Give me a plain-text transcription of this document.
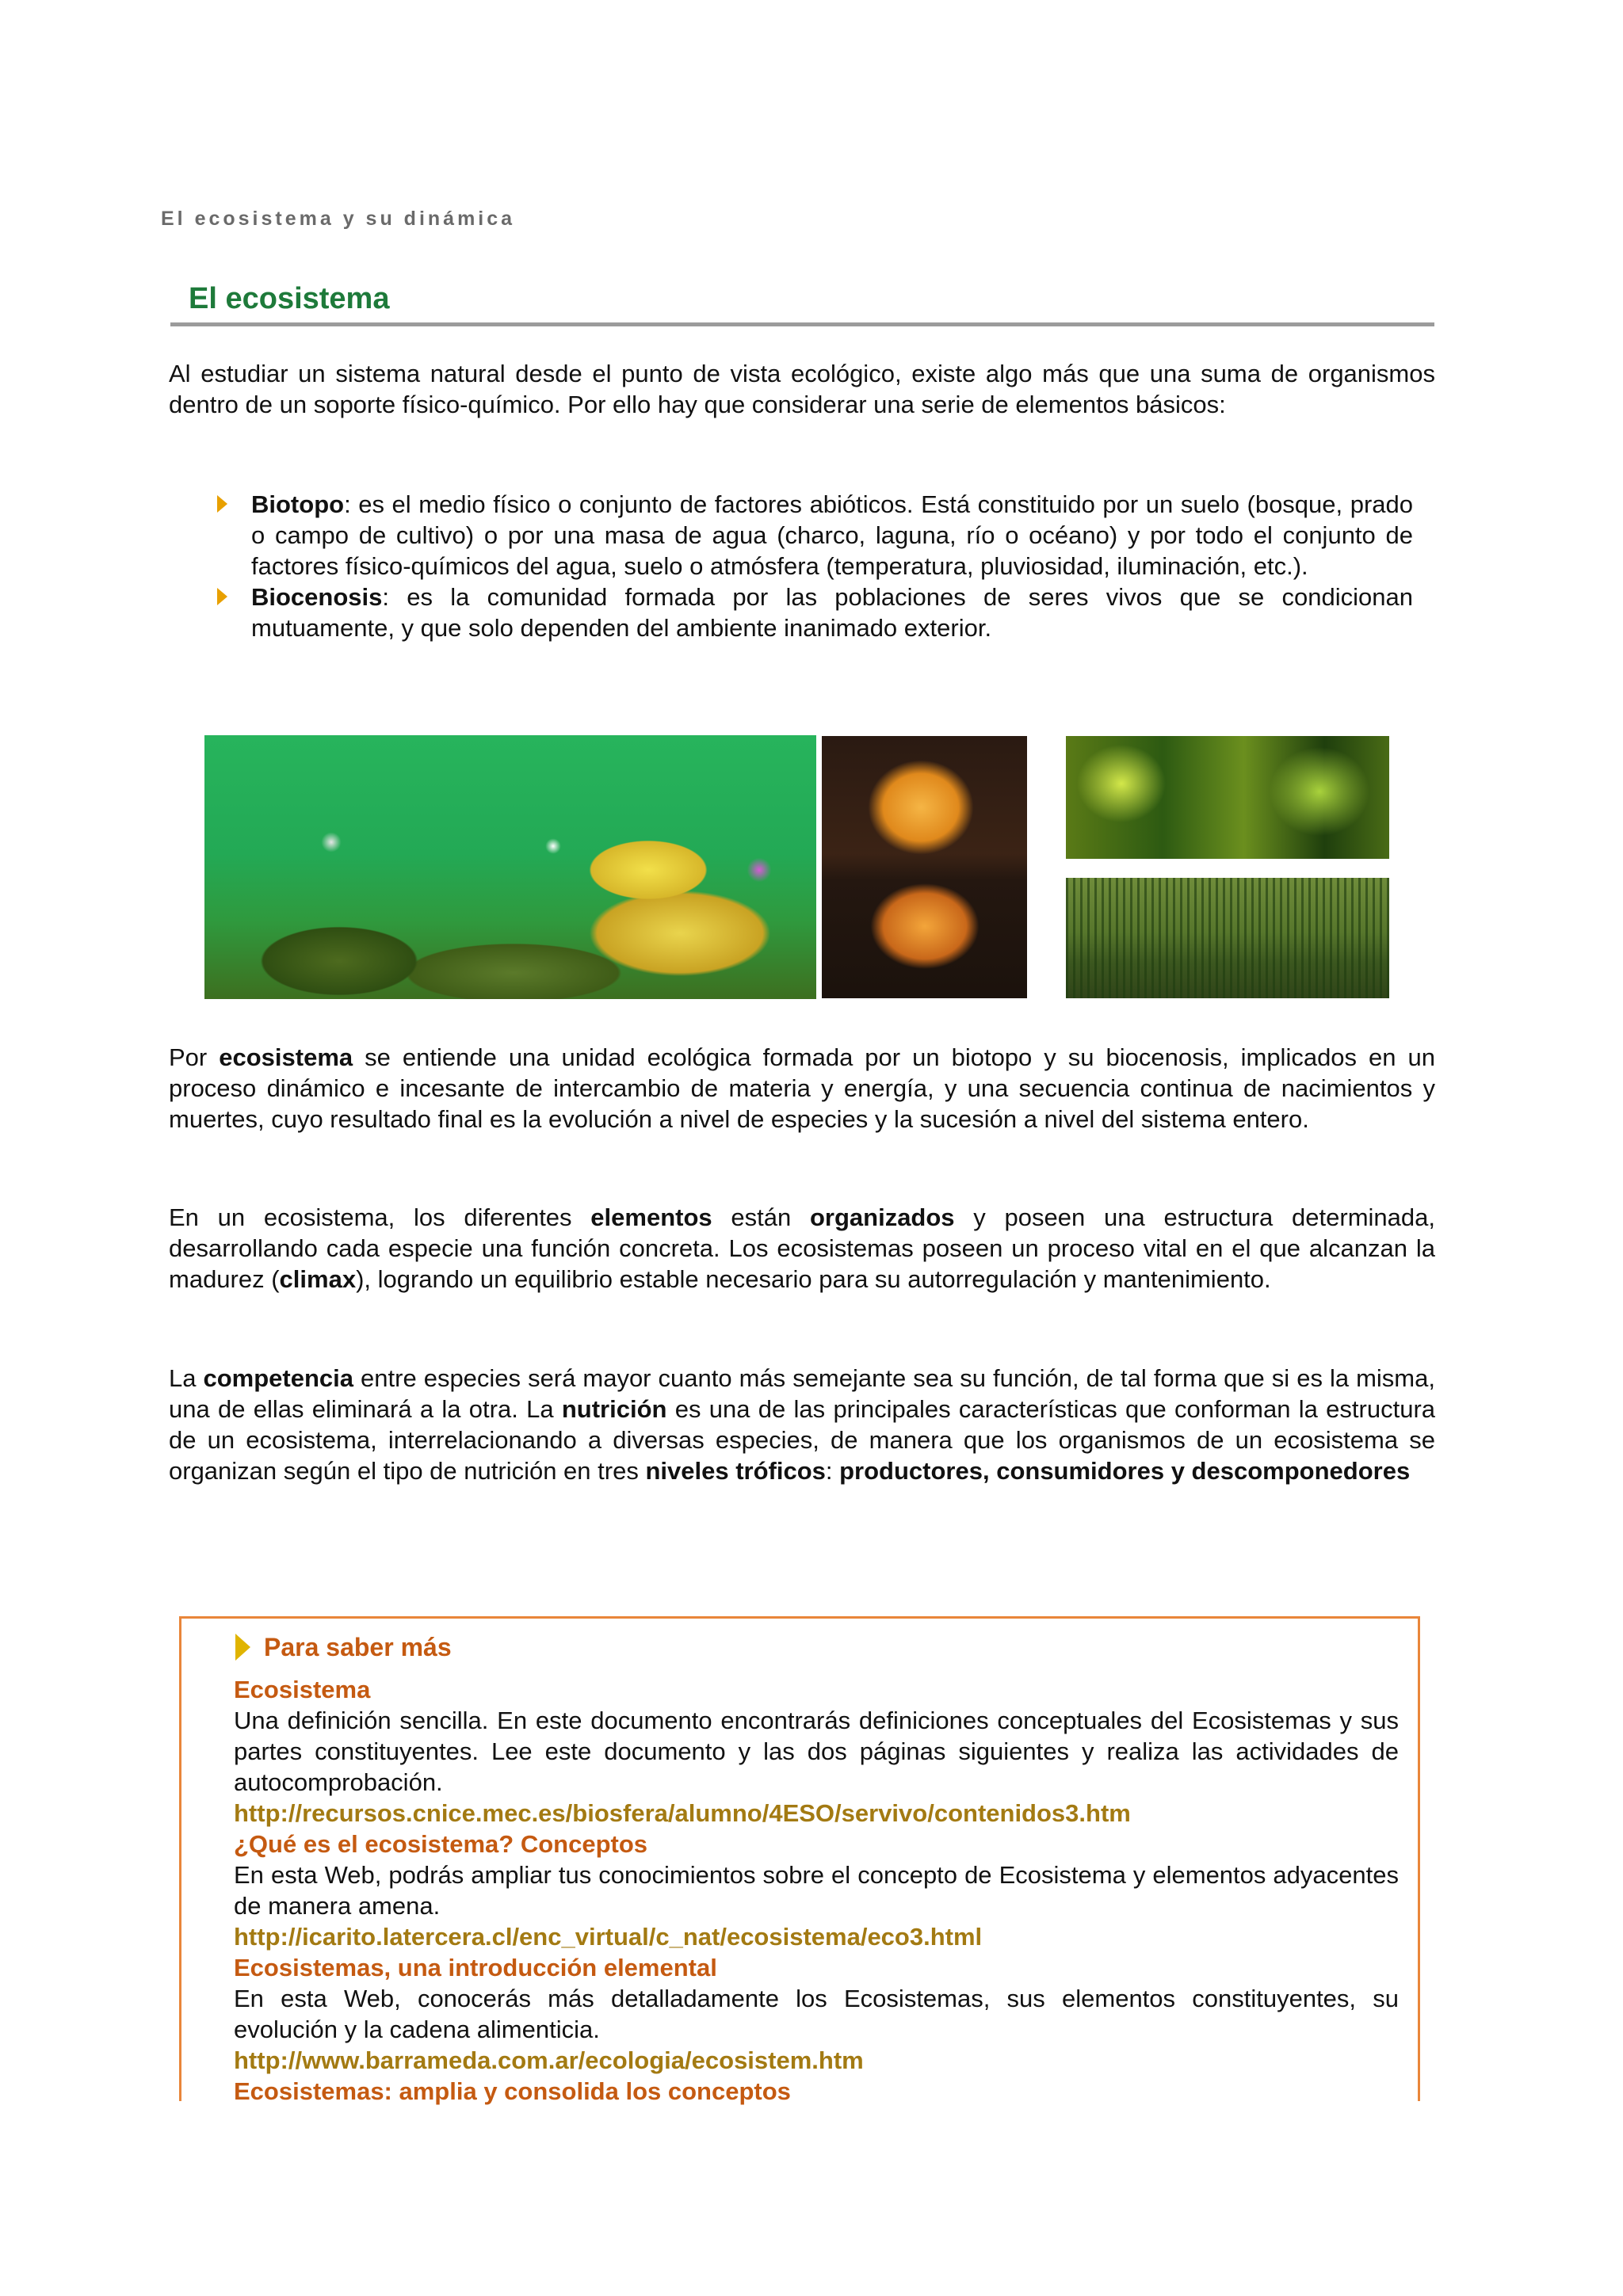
El ecosistema y su dinámica
El ecosistema

Al estudiar un sistema natural desde el punto de vista ecológico, existe algo más que una suma de organismos dentro de un soporte físico-químico. Por ello hay que considerar una serie de elementos básicos:

Biotopo: es el medio físico o conjunto de factores abióticos. Está constituido por un suelo (bosque, prado o campo de cultivo) o por una masa de agua (charco, laguna, río o océano) y por todo el conjunto de factores físico-químicos del agua, suelo o atmósfera (temperatura, pluviosidad, iluminación, etc.).
Biocenosis: es la comunidad formada por las poblaciones de seres vivos que se condicionan mutuamente, y que solo dependen del ambiente inanimado exterior.

Por ecosistema se entiende una unidad ecológica formada por un biotopo y su biocenosis, implicados en un proceso dinámico e incesante de intercambio de materia y energía, y una secuencia continua de nacimientos y muertes, cuyo resultado final es la evolución a nivel de especies y la sucesión a nivel del sistema entero.

En un ecosistema, los diferentes elementos están organizados y poseen una estructura determinada, desarrollando cada especie una función concreta. Los ecosistemas poseen un proceso vital en el que alcanzan la madurez (climax), logrando un equilibrio estable necesario para su autorregulación y mantenimiento.

La competencia entre especies será mayor cuanto más semejante sea su función, de tal forma que si es la misma, una de ellas eliminará a la otra. La nutrición es una de las principales características que conforman la estructura de un ecosistema, interrelacionando a diversas especies, de manera que los organismos de un ecosistema se organizan según el tipo de nutrición en tres niveles tróficos: productores, consumidores y descomponedores

Para saber más
Ecosistema

Una definición sencilla. En este documento encontrarás definiciones conceptuales del Ecosistemas y sus partes constituyentes. Lee este documento y las dos páginas siguientes y realiza las actividades de autocomprobación.

http://recursos.cnice.mec.es/biosfera/alumno/4ESO/servivo/contenidos3.htm
¿Qué es el ecosistema? Conceptos

En esta Web, podrás ampliar tus conocimientos sobre el concepto de Ecosistema y elementos adyacentes de manera amena.

http://icarito.latercera.cl/enc_virtual/c_nat/ecosistema/eco3.html
Ecosistemas, una introducción elemental

En esta Web, conocerás más detalladamente los Ecosistemas, sus elementos constituyentes, su evolución y la cadena alimenticia.

http://www.barrameda.com.ar/ecologia/ecosistem.htm
Ecosistemas: amplia y consolida los conceptos
